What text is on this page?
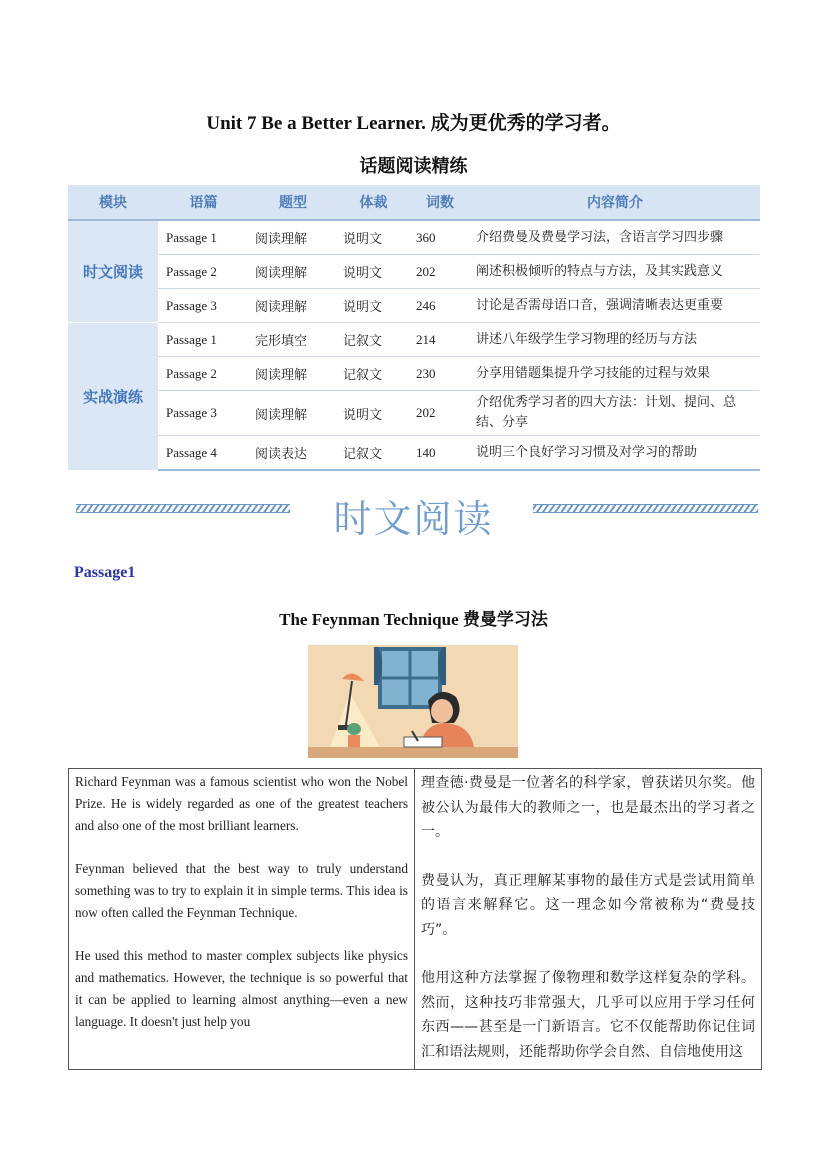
Unit 7 Be a Better Learner. 成为更优秀的学习者。
话题阅读精练
模块	语篇	题型	体裁	词数	内容简介
时文阅读	Passage 1	阅读理解	说明文	360	介绍费曼及费曼学习法，含语言学习四步骤
	Passage 2	阅读理解	说明文	202	阐述积极倾听的特点与方法，及其实践意义
	Passage 3	阅读理解	说明文	246	讨论是否需母语口音，强调清晰表达更重要
实战演练	Passage 1	完形填空	记叙文	214	讲述八年级学生学习物理的经历与方法
	Passage 2	阅读理解	记叙文	230	分享用错题集提升学习技能的过程与效果
	Passage 3	阅读理解	说明文	202	介绍优秀学习者的四大方法：计划、提问、总结、分享
	Passage 4	阅读表达	记叙文	140	说明三个良好学习习惯及对学习的帮助
时文阅读
Passage1
The Feynman Technique 费曼学习法

Richard Feynman was a famous scientist who won the Nobel Prize. He is widely regarded as one of the greatest teachers and also one of the most brilliant learners.

Feynman believed that the best way to truly understand something was to try to explain it in simple terms. This idea is now often called the Feynman Technique.

He used this method to master complex subjects like physics and mathematics. However, the technique is so powerful that it can be applied to learning almost anything—even a new language. It doesn't just help you

理查德·费曼是一位著名的科学家，曾获诺贝尔奖。他被公认为最伟大的教师之一，也是最杰出的学习者之一。

费曼认为，真正理解某事物的最佳方式是尝试用简单的语言来解释它。这一理念如今常被称为“费曼技巧”。

他用这种方法掌握了像物理和数学这样复杂的学科。然而，这种技巧非常强大，几乎可以应用于学习任何东西——甚至是一门新语言。它不仅能帮助你记住词汇和语法规则，还能帮助你学会自然、自信地使用这
